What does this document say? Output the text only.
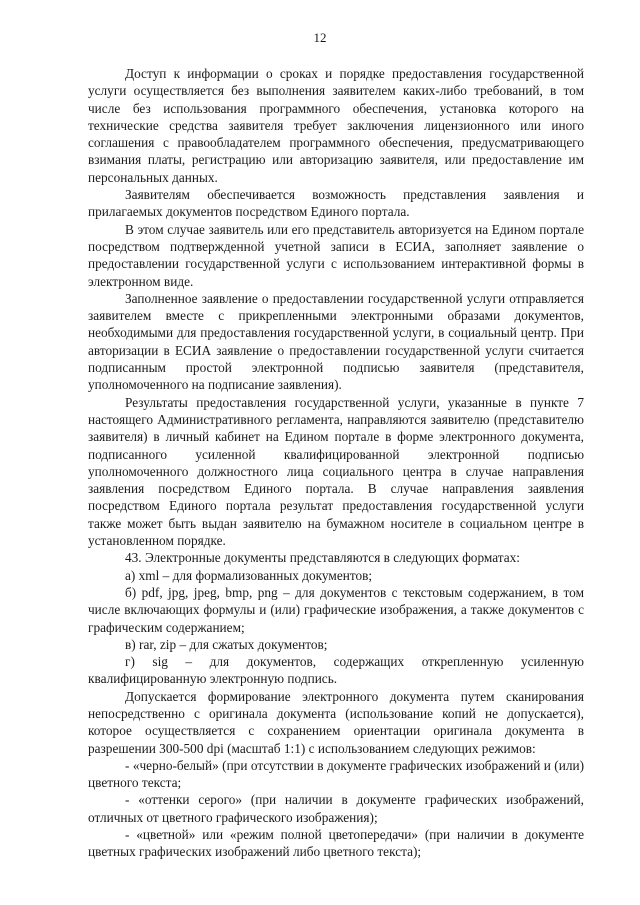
12

Доступ к информации о сроках и порядке предоставления государственной услуги осуществляется без выполнения заявителем каких-либо требований, в том числе без использования программного обеспечения, установка которого на технические средства заявителя требует заключения лицензионного или иного соглашения с правообладателем программного обеспечения, предусматривающего взимания платы, регистрацию или авторизацию заявителя, или предоставление им персональных данных.

Заявителям обеспечивается возможность представления заявления и прилагаемых документов посредством Единого портала.

В этом случае заявитель или его представитель авторизуется на Едином портале посредством подтвержденной учетной записи в ЕСИА, заполняет заявление о предоставлении государственной услуги с использованием интерактивной формы в электронном виде.

Заполненное заявление о предоставлении государственной услуги отправляется заявителем вместе с прикрепленными электронными образами документов, необходимыми для предоставления государственной услуги, в социальный центр. При авторизации в ЕСИА заявление о предоставлении государственной услуги считается подписанным простой электронной подписью заявителя (представителя, уполномоченного на подписание заявления).

Результаты предоставления государственной услуги, указанные в пункте 7 настоящего Административного регламента, направляются заявителю (представителю заявителя) в личный кабинет на Едином портале в форме электронного документа, подписанного усиленной квалифицированной электронной подписью уполномоченного должностного лица социального центра в случае направления заявления посредством Единого портала. В случае направления заявления посредством Единого портала результат предоставления государственной услуги также может быть выдан заявителю на бумажном носителе в социальном центре в установленном порядке.

43. Электронные документы представляются в следующих форматах:

а) xml – для формализованных документов;

б) pdf, jpg, jpeg, bmp, png – для документов с текстовым содержанием, в том числе включающих формулы и (или) графические изображения, а также документов с графическим содержанием;

в) rar, zip – для сжатых документов;

г) sig – для документов, содержащих открепленную усиленную квалифицированную электронную подпись.

Допускается формирование электронного документа путем сканирования непосредственно с оригинала документа (использование копий не допускается), которое осуществляется с сохранением ориентации оригинала документа в разрешении 300-500 dpi (масштаб 1:1) с использованием следующих режимов:

- «черно-белый» (при отсутствии в документе графических изображений и (или) цветного текста;

- «оттенки серого» (при наличии в документе графических изображений, отличных от цветного графического изображения);

- «цветной» или «режим полной цветопередачи» (при наличии в документе цветных графических изображений либо цветного текста);
